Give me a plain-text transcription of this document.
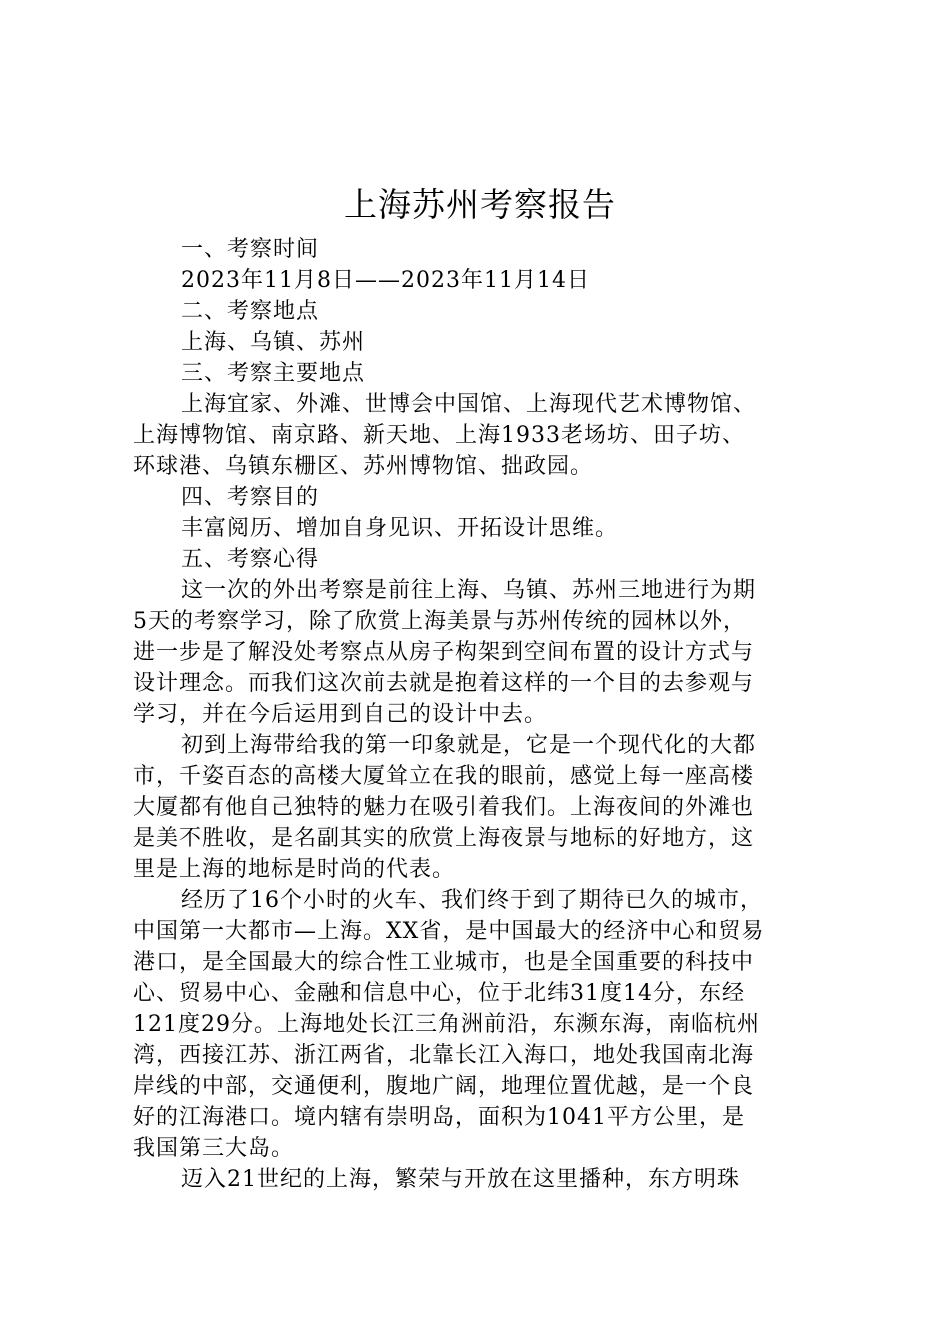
上海苏州考察报告
一、考察时间
2023年11月8日——2023年11月14日
二、考察地点
上海、乌镇、苏州
三、考察主要地点
上海宜家、外滩、世博会中国馆、上海现代艺术博物馆、
上海博物馆、南京路、新天地、上海1933老场坊、田子坊、
环球港、乌镇东栅区、苏州博物馆、拙政园。
四、考察目的
丰富阅历、增加自身见识、开拓设计思维。
五、考察心得
这一次的外出考察是前往上海、乌镇、苏州三地进行为期
5天的考察学习，除了欣赏上海美景与苏州传统的园林以外，
进一步是了解没处考察点从房子构架到空间布置的设计方式与
设计理念。而我们这次前去就是抱着这样的一个目的去参观与
学习，并在今后运用到自己的设计中去。
初到上海带给我的第一印象就是，它是一个现代化的大都
市，千姿百态的高楼大厦耸立在我的眼前，感觉上每一座高楼
大厦都有他自己独特的魅力在吸引着我们。上海夜间的外滩也
是美不胜收，是名副其实的欣赏上海夜景与地标的好地方，这
里是上海的地标是时尚的代表。
经历了16个小时的火车、我们终于到了期待已久的城市，
中国第一大都市—上海。XX省，是中国最大的经济中心和贸易
港口，是全国最大的综合性工业城市，也是全国重要的科技中
心、贸易中心、金融和信息中心，位于北纬31度14分，东经
121度29分。上海地处长江三角洲前沿，东濒东海，南临杭州
湾，西接江苏、浙江两省，北靠长江入海口，地处我国南北海
岸线的中部，交通便利，腹地广阔，地理位置优越，是一个良
好的江海港口。境内辖有崇明岛，面积为1041平方公里，是
我国第三大岛。
迈入21世纪的上海，繁荣与开放在这里播种，东方明珠
